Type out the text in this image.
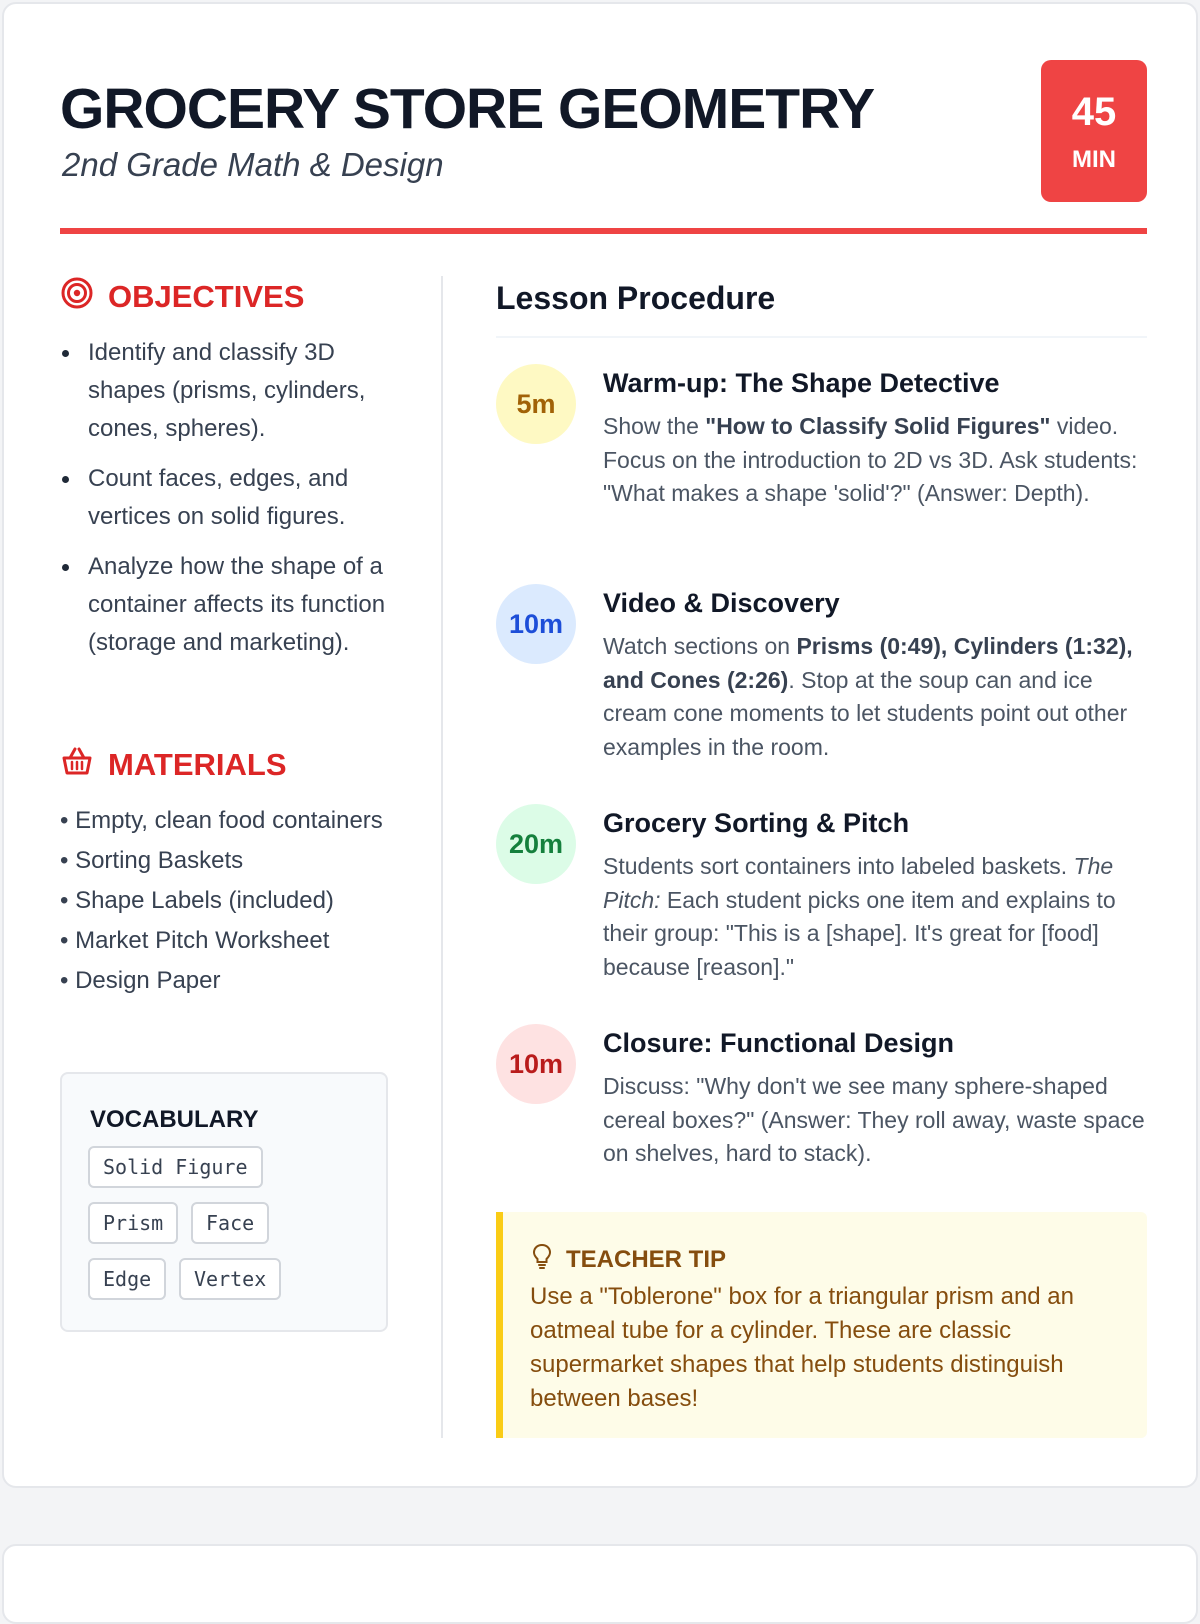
GROCERY STORE GEOMETRY
2nd Grade Math & Design
45
MIN
OBJECTIVES
Identify and classify 3D shapes (prisms, cylinders, cones, spheres).
Count faces, edges, and vertices on solid figures.
Analyze how the shape of a container affects its function (storage and marketing).
MATERIALS
• Empty, clean food containers
• Sorting Baskets
• Shape Labels (included)
• Market Pitch Worksheet
• Design Paper
VOCABULARY
Solid Figure
Prism	Face
Edge	Vertex
Lesson Procedure
5m
Warm-up: The Shape Detective
Show the "How to Classify Solid Figures" video. Focus on the introduction to 2D vs 3D. Ask students: "What makes a shape 'solid'?" (Answer: Depth).
10m
Video & Discovery
Watch sections on Prisms (0:49), Cylinders (1:32), and Cones (2:26). Stop at the soup can and ice cream cone moments to let students point out other examples in the room.
20m
Grocery Sorting & Pitch
Students sort containers into labeled baskets. The Pitch: Each student picks one item and explains to their group: "This is a [shape]. It's great for [food] because [reason]."
10m
Closure: Functional Design
Discuss: "Why don't we see many sphere-shaped cereal boxes?" (Answer: They roll away, waste space on shelves, hard to stack).
TEACHER TIP
Use a "Toblerone" box for a triangular prism and an oatmeal tube for a cylinder. These are classic supermarket shapes that help students distinguish between bases!
